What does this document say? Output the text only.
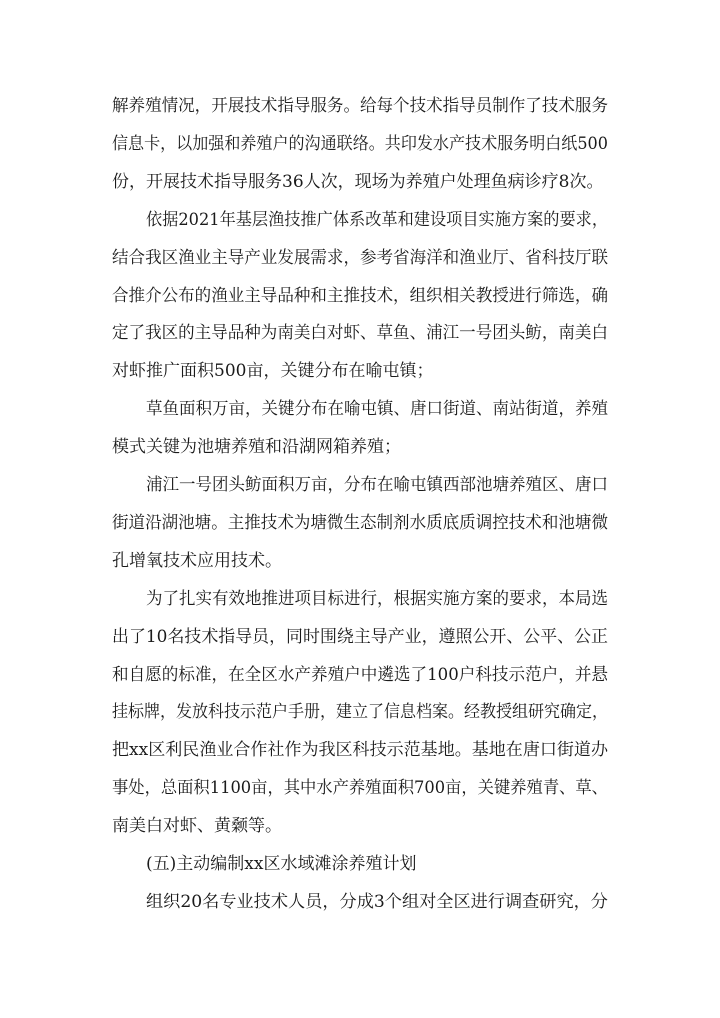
解养殖情况，开展技术指导服务。给每个技术指导员制作了技术服务
信息卡，以加强和养殖户的沟通联络。共印发水产技术服务明白纸500
份，开展技术指导服务36人次，现场为养殖户处理鱼病诊疗8次。
依据2021年基层渔技推广体系改革和建设项目实施方案的要求，
结合我区渔业主导产业发展需求，参考省海洋和渔业厅、省科技厅联
合推介公布的渔业主导品种和主推技术，组织相关教授进行筛选，确
定了我区的主导品种为南美白对虾、草鱼、浦江一号团头鲂，南美白
对虾推广面积500亩，关键分布在喻屯镇；
草鱼面积万亩，关键分布在喻屯镇、唐口街道、南站街道，养殖
模式关键为池塘养殖和沿湖网箱养殖；
浦江一号团头鲂面积万亩，分布在喻屯镇西部池塘养殖区、唐口
街道沿湖池塘。主推技术为塘微生态制剂水质底质调控技术和池塘微
孔增氧技术应用技术。
为了扎实有效地推进项目标进行，根据实施方案的要求，本局选
出了10名技术指导员，同时围绕主导产业，遵照公开、公平、公正
和自愿的标准，在全区水产养殖户中遴选了100户科技示范户，并悬
挂标牌，发放科技示范户手册，建立了信息档案。经教授组研究确定，
把xx区利民渔业合作社作为我区科技示范基地。基地在唐口街道办
事处，总面积1100亩，其中水产养殖面积700亩，关键养殖青、草、
南美白对虾、黄颡等。
(五)主动编制xx区水域滩涂养殖计划
组织20名专业技术人员，分成3个组对全区进行调查研究，分
